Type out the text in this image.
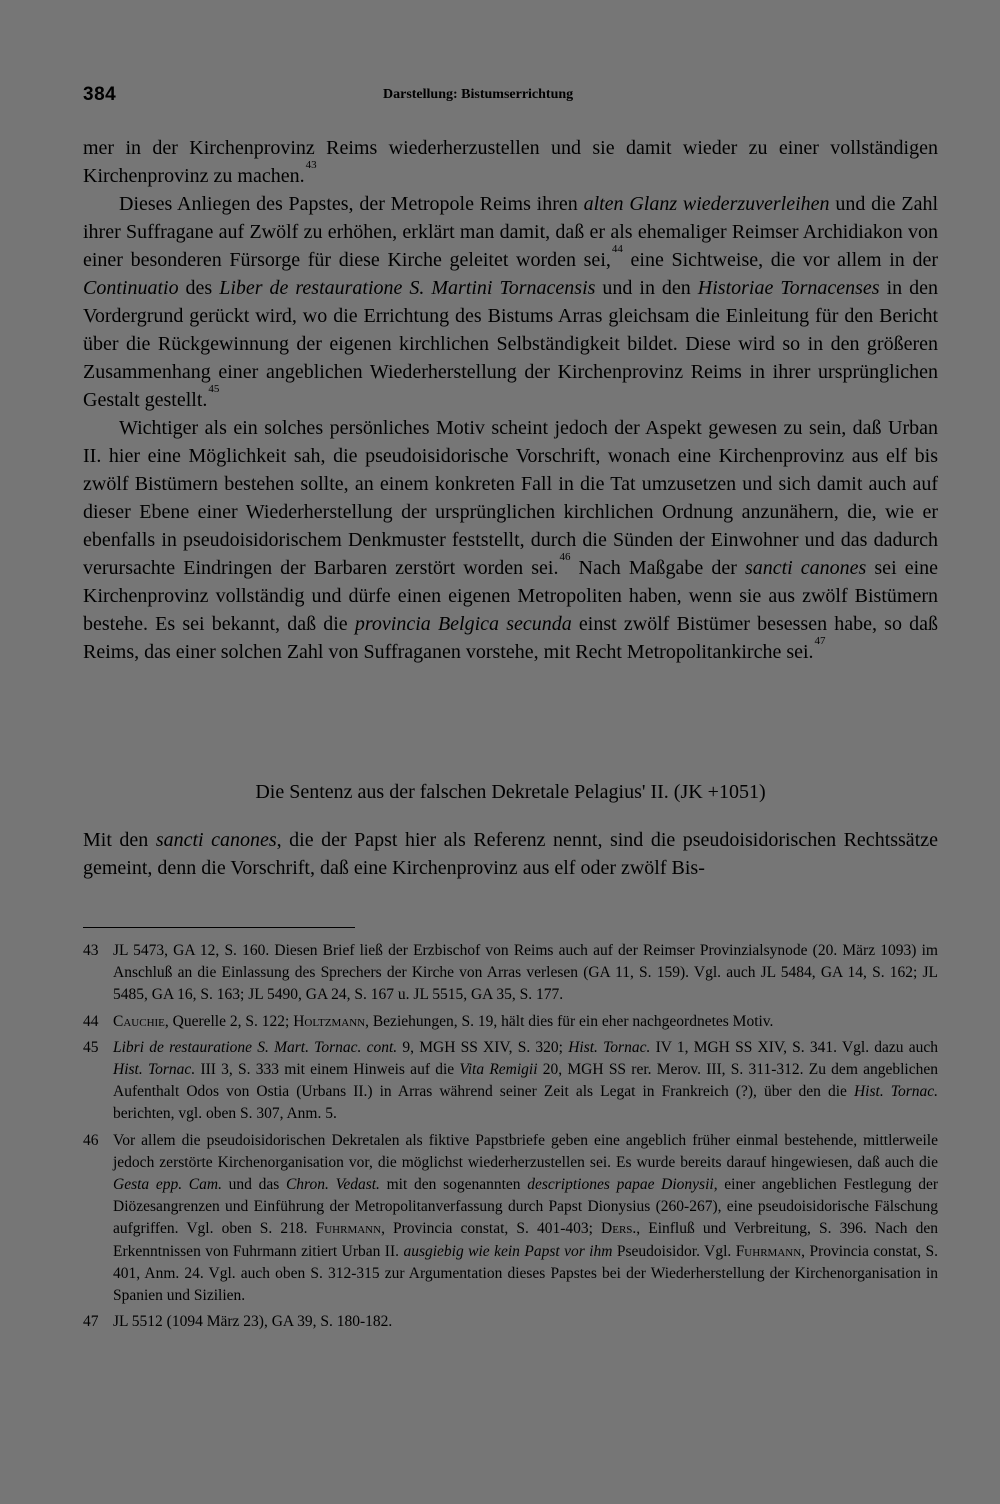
384	Darstellung: Bistumserrichtung

mer in der Kirchenprovinz Reims wiederherzustellen und sie damit wieder zu einer vollständigen Kirchenprovinz zu machen.$^{43}$

Dieses Anliegen des Papstes, der Metropole Reims ihren alten Glanz wiederzuverleihen und die Zahl ihrer Suffragane auf Zwölf zu erhöhen, erklärt man damit, daß er als ehemaliger Reimser Archidiakon von einer besonderen Fürsorge für diese Kirche geleitet worden sei,$^{44}$ eine Sichtweise, die vor allem in der Continuatio des Liber de restauratione S. Martini Tornacensis und in den Historiae Tornacenses in den Vordergrund gerückt wird, wo die Errichtung des Bistums Arras gleichsam die Einleitung für den Bericht über die Rückgewinnung der eigenen kirchlichen Selbständigkeit bildet. Diese wird so in den größeren Zusammenhang einer angeblichen Wiederherstellung der Kirchenprovinz Reims in ihrer ursprünglichen Gestalt gestellt.$^{45}$

Wichtiger als ein solches persönliches Motiv scheint jedoch der Aspekt gewesen zu sein, daß Urban II. hier eine Möglichkeit sah, die pseudoisidorische Vorschrift, wonach eine Kirchenprovinz aus elf bis zwölf Bistümern bestehen sollte, an einem konkreten Fall in die Tat umzusetzen und sich damit auch auf dieser Ebene einer Wiederherstellung der ursprünglichen kirchlichen Ordnung anzunähern, die, wie er ebenfalls in pseudoisidorischem Denkmuster feststellt, durch die Sünden der Einwohner und das dadurch verursachte Eindringen der Barbaren zerstört worden sei.$^{46}$ Nach Maßgabe der sancti canones sei eine Kirchenprovinz vollständig und dürfe einen eigenen Metropoliten haben, wenn sie aus zwölf Bistümern bestehe. Es sei bekannt, daß die provincia Belgica secunda einst zwölf Bistümer besessen habe, so daß Reims, das einer solchen Zahl von Suffraganen vorstehe, mit Recht Metropolitankirche sei.$^{47}$

Die Sentenz aus der falschen Dekretale Pelagius' II. (JK +1051)

Mit den sancti canones, die der Papst hier als Referenz nennt, sind die pseudoisidorischen Rechtssätze gemeint, denn die Vorschrift, daß eine Kirchenprovinz aus elf oder zwölf Bis-

43 JL 5473, GA 12, S. 160. Diesen Brief ließ der Erzbischof von Reims auch auf der Reimser Provinzialsynode (20. März 1093) im Anschluß an die Einlassung des Sprechers der Kirche von Arras verlesen (GA 11, S. 159). Vgl. auch JL 5484, GA 14, S. 162; JL 5485, GA 16, S. 163; JL 5490, GA 24, S. 167 u. JL 5515, GA 35, S. 177.

44 Cauchie, Querelle 2, S. 122; Holtzmann, Beziehungen, S. 19, hält dies für ein eher nachgeordnetes Motiv.

45 Libri de restauratione S. Mart. Tornac. cont. 9, MGH SS XIV, S. 320; Hist. Tornac. IV 1, MGH SS XIV, S. 341. Vgl. dazu auch Hist. Tornac. III 3, S. 333 mit einem Hinweis auf die Vita Remigii 20, MGH SS rer. Merov. III, S. 311-312. Zu dem angeblichen Aufenthalt Odos von Ostia (Urbans II.) in Arras während seiner Zeit als Legat in Frankreich (?), über den die Hist. Tornac. berichten, vgl. oben S. 307, Anm. 5.

46 Vor allem die pseudoisidorischen Dekretalen als fiktive Papstbriefe geben eine angeblich früher einmal bestehende, mittlerweile jedoch zerstörte Kirchenorganisation vor, die möglichst wiederherzustellen sei. Es wurde bereits darauf hingewiesen, daß auch die Gesta epp. Cam. und das Chron. Vedast. mit den sogenannten descriptiones papae Dionysii, einer angeblichen Festlegung der Diözesangrenzen und Einführung der Metropolitanverfassung durch Papst Dionysius (260-267), eine pseudoisidorische Fälschung aufgriffen. Vgl. oben S. 218. Fuhrmann, Provincia constat, S. 401-403; Ders., Einfluß und Verbreitung, S. 396. Nach den Erkenntnissen von Fuhrmann zitiert Urban II. ausgiebig wie kein Papst vor ihm Pseudoisidor. Vgl. Fuhrmann, Provincia constat, S. 401, Anm. 24. Vgl. auch oben S. 312-315 zur Argumentation dieses Papstes bei der Wiederherstellung der Kirchenorganisation in Spanien und Sizilien.

47 JL 5512 (1094 März 23), GA 39, S. 180-182.
